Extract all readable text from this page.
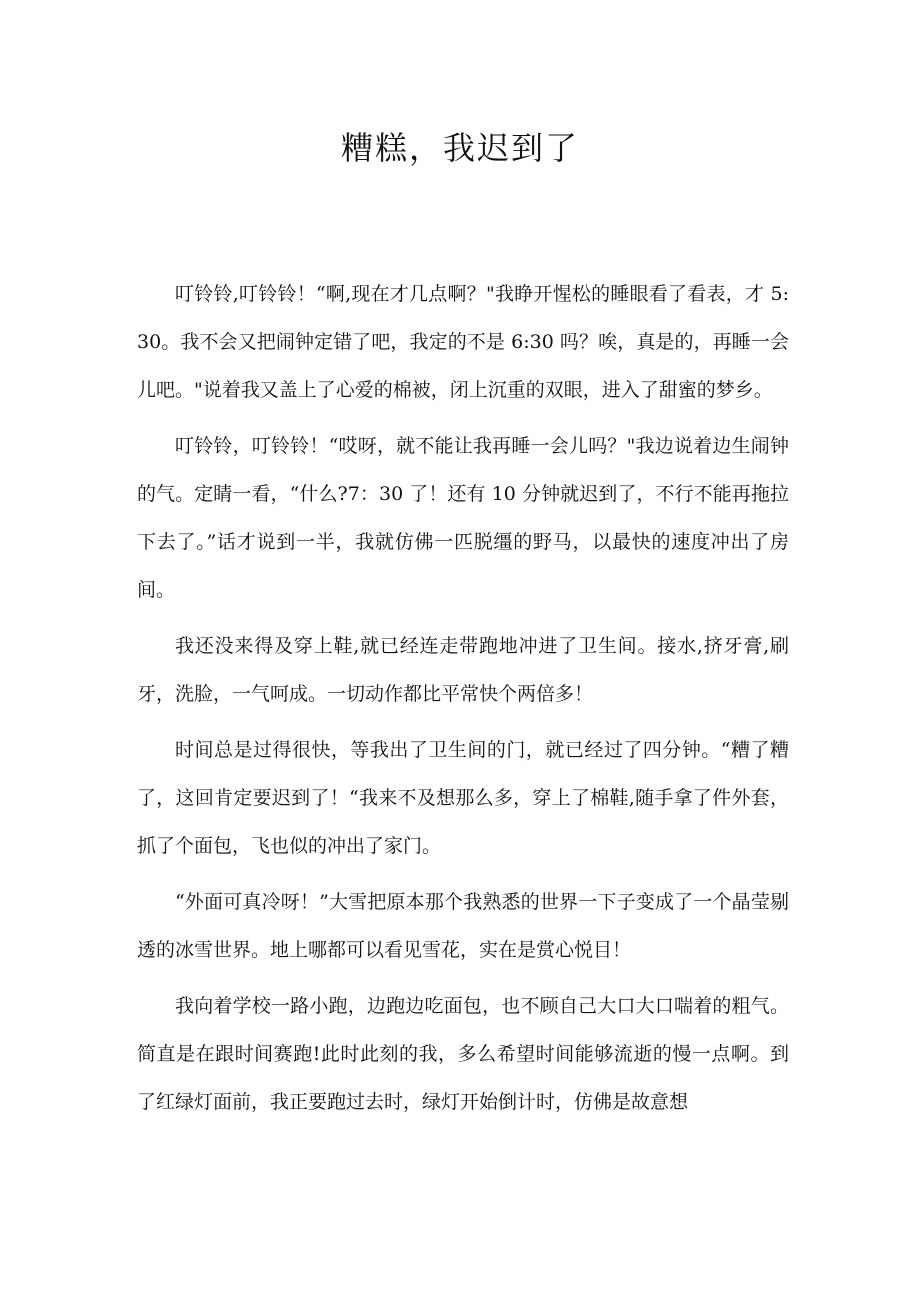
糟糕，我迟到了

叮铃铃,叮铃铃！“啊,现在才几点啊？"我睁开惺松的睡眼看了看表，才 5:30。我不会又把闹钟定错了吧，我定的不是 6:30 吗？唉，真是的，再睡一会儿吧。"说着我又盖上了心爱的棉被，闭上沉重的双眼，进入了甜蜜的梦乡。

叮铃铃，叮铃铃！“哎呀，就不能让我再睡一会儿吗？"我边说着边生闹钟的气。定睛一看，“什么?7：30 了！还有 10 分钟就迟到了，不行不能再拖拉下去了。”话才说到一半，我就仿佛一匹脱缰的野马，以最快的速度冲出了房间。

我还没来得及穿上鞋,就已经连走带跑地冲进了卫生间。接水,挤牙膏,刷牙，洗脸，一气呵成。一切动作都比平常快个两倍多！

时间总是过得很快，等我出了卫生间的门，就已经过了四分钟。“糟了糟了，这回肯定要迟到了！“我来不及想那么多，穿上了棉鞋,随手拿了件外套，抓了个面包，飞也似的冲出了家门。

“外面可真冷呀！”大雪把原本那个我熟悉的世界一下子变成了一个晶莹剔透的冰雪世界。地上哪都可以看见雪花，实在是赏心悦目！

我向着学校一路小跑，边跑边吃面包，也不顾自己大口大口喘着的粗气。简直是在跟时间赛跑!此时此刻的我，多么希望时间能够流逝的慢一点啊。到了红绿灯面前，我正要跑过去时，绿灯开始倒计时，仿佛是故意想
